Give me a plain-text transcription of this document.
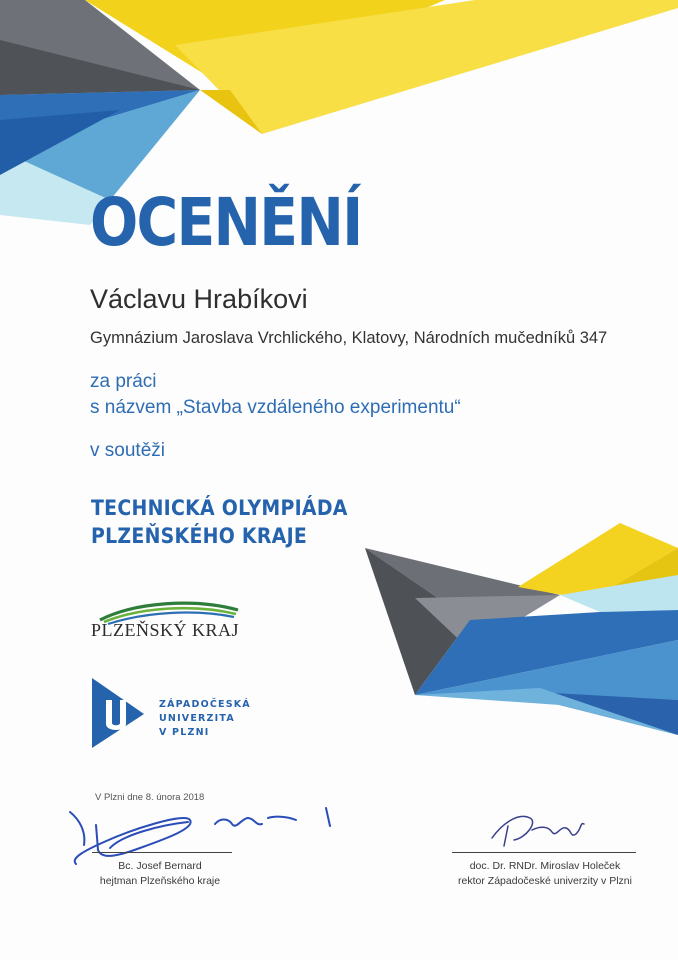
OCENĚNÍ
Václavu Hrabíkovi
Gymnázium Jaroslava Vrchlického, Klatovy, Národních mučedníků 347
za práci
s názvem „Stavba vzdáleného experimentu“
v soutěži
TECHNICKÁ OLYMPIÁDA
PLZEŇSKÉHO KRAJE
PLZEŇSKÝ KRAJ
ZÁPADOČESKÁ
UNIVERZITA
V PLZNI
V Plzni dne 8. února 2018
Bc. Josef Bernard
hejtman Plzeňského kraje
doc. Dr. RNDr. Miroslav Holeček
rektor Západočeské univerzity v Plzni
